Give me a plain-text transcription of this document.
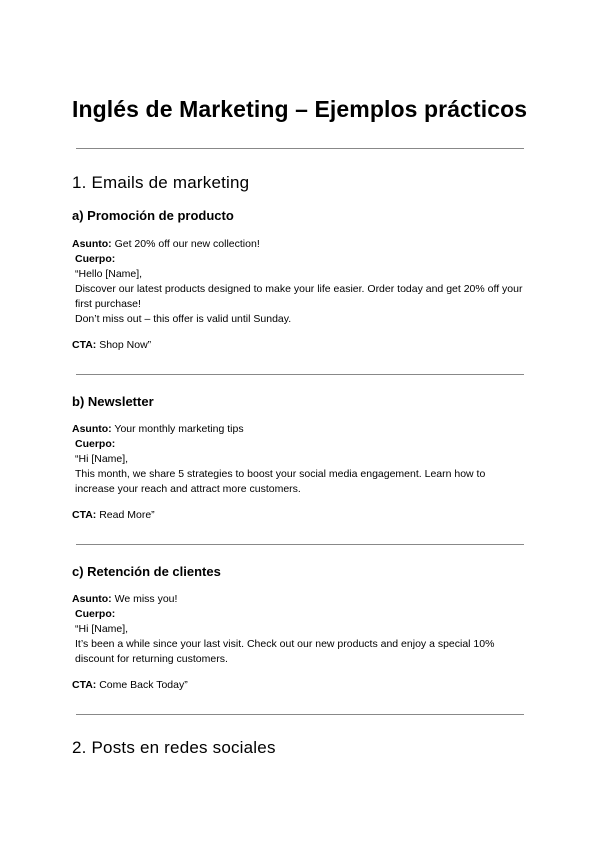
Inglés de Marketing – Ejemplos prácticos
1. Emails de marketing
a) Promoción de producto
Asunto: Get 20% off our new collection!
Cuerpo:
“Hello [Name],
Discover our latest products designed to make your life easier. Order today and get 20% off your first purchase!
Don’t miss out – this offer is valid until Sunday.
CTA: Shop Now”
b) Newsletter
Asunto: Your monthly marketing tips
Cuerpo:
“Hi [Name],
This month, we share 5 strategies to boost your social media engagement. Learn how to increase your reach and attract more customers.
CTA: Read More”
c) Retención de clientes
Asunto: We miss you!
Cuerpo:
“Hi [Name],
It’s been a while since your last visit. Check out our new products and enjoy a special 10% discount for returning customers.
CTA: Come Back Today”
2. Posts en redes sociales
